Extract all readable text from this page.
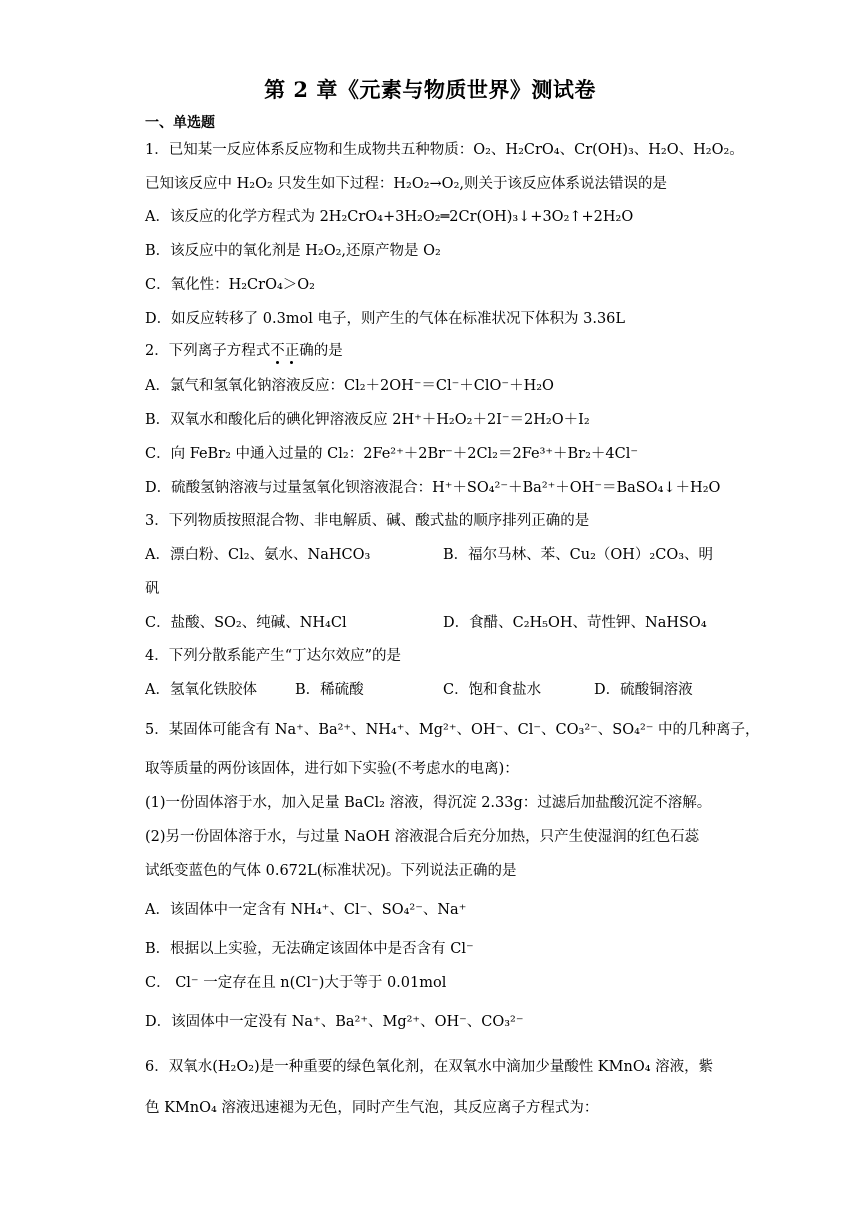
第 2 章《元素与物质世界》测试卷
一、单选题
1．已知某一反应体系反应物和生成物共五种物质：O₂、H₂CrO₄、Cr(OH)₃、H₂O、H₂O₂。
已知该反应中 H₂O₂ 只发生如下过程：H₂O₂→O₂,则关于该反应体系说法错误的是
A．该反应的化学方程式为 2H₂CrO₄+3H₂O₂═2Cr(OH)₃↓+3O₂↑+2H₂O
B．该反应中的氧化剂是 H₂O₂,还原产物是 O₂
C．氧化性：H₂CrO₄＞O₂
D．如反应转移了 0.3mol 电子，则产生的气体在标准状况下体积为 3.36L
2．下列离子方程式不正确的是
A．氯气和氢氧化钠溶液反应：Cl₂＋2OH⁻＝Cl⁻＋ClO⁻＋H₂O
B．双氧水和酸化后的碘化钾溶液反应 2H⁺＋H₂O₂＋2I⁻＝2H₂O＋I₂
C．向 FeBr₂ 中通入过量的 Cl₂：2Fe²⁺＋2Br⁻＋2Cl₂＝2Fe³⁺＋Br₂＋4Cl⁻
D．硫酸氢钠溶液与过量氢氧化钡溶液混合：H⁺＋SO₄²⁻＋Ba²⁺＋OH⁻＝BaSO₄↓＋H₂O
3．下列物质按照混合物、非电解质、碱、酸式盐的顺序排列正确的是
A．漂白粉、Cl₂、氨水、NaHCO₃	B．福尔马林、苯、Cu₂（OH）₂CO₃、明
矾
C．盐酸、SO₂、纯碱、NH₄Cl	D．食醋、C₂H₅OH、苛性钾、NaHSO₄
4．下列分散系能产生“丁达尔效应”的是
A．氢氧化铁胶体	B．稀硫酸	C．饱和食盐水	D．硫酸铜溶液
5．某固体可能含有 Na⁺、Ba²⁺、NH₄⁺、Mg²⁺、OH⁻、Cl⁻、CO₃²⁻、SO₄²⁻ 中的几种离子，
取等质量的两份该固体，进行如下实验(不考虑水的电离)：
(1)一份固体溶于水，加入足量 BaCl₂ 溶液，得沉淀 2.33g：过滤后加盐酸沉淀不溶解。
(2)另一份固体溶于水，与过量 NaOH 溶液混合后充分加热，只产生使湿润的红色石蕊
试纸变蓝色的气体 0.672L(标准状况)。下列说法正确的是
A．该固体中一定含有 NH₄⁺、Cl⁻、SO₄²⁻、Na⁺
B．根据以上实验，无法确定该固体中是否含有 Cl⁻
C． Cl⁻ 一定存在且 n(Cl⁻)大于等于 0.01mol
D．该固体中一定没有 Na⁺、Ba²⁺、Mg²⁺、OH⁻、CO₃²⁻
6．双氧水(H₂O₂)是一种重要的绿色氧化剂，在双氧水中滴加少量酸性 KMnO₄ 溶液，紫
色 KMnO₄ 溶液迅速褪为无色，同时产生气泡，其反应离子方程式为：
